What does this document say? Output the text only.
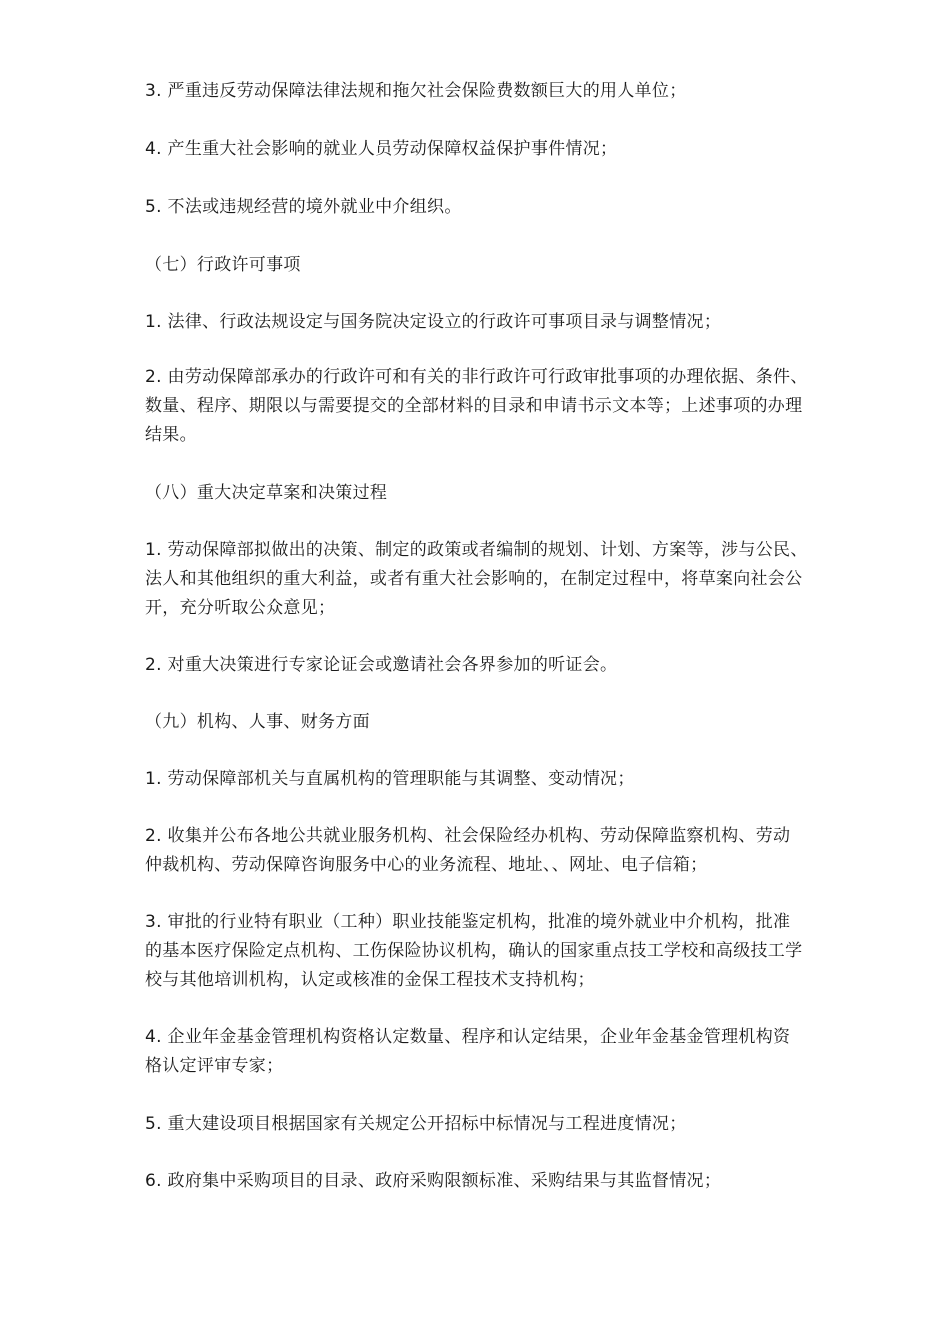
3. 严重违反劳动保障法律法规和拖欠社会保险费数额巨大的用人单位；
4. 产生重大社会影响的就业人员劳动保障权益保护事件情况；
5. 不法或违规经营的境外就业中介组织。
（七）行政许可事项
1. 法律、行政法规设定与国务院决定设立的行政许可事项目录与调整情况；
2. 由劳动保障部承办的行政许可和有关的非行政许可行政审批事项的办理依据、条件、
数量、程序、期限以与需要提交的全部材料的目录和申请书示文本等；上述事项的办理
结果。
（八）重大决定草案和决策过程
1. 劳动保障部拟做出的决策、制定的政策或者编制的规划、计划、方案等，涉与公民、
法人和其他组织的重大利益，或者有重大社会影响的，在制定过程中，将草案向社会公
开，充分听取公众意见；
2. 对重大决策进行专家论证会或邀请社会各界参加的听证会。
（九）机构、人事、财务方面
1. 劳动保障部机关与直属机构的管理职能与其调整、变动情况；
2. 收集并公布各地公共就业服务机构、社会保险经办机构、劳动保障监察机构、劳动
仲裁机构、劳动保障咨询服务中心的业务流程、地址、、网址、电子信箱；
3. 审批的行业特有职业（工种）职业技能鉴定机构，批准的境外就业中介机构，批准
的基本医疗保险定点机构、工伤保险协议机构，确认的国家重点技工学校和高级技工学
校与其他培训机构，认定或核准的金保工程技术支持机构；
4. 企业年金基金管理机构资格认定数量、程序和认定结果，企业年金基金管理机构资
格认定评审专家；
5. 重大建设项目根据国家有关规定公开招标中标情况与工程进度情况；
6. 政府集中采购项目的目录、政府采购限额标准、采购结果与其监督情况；
